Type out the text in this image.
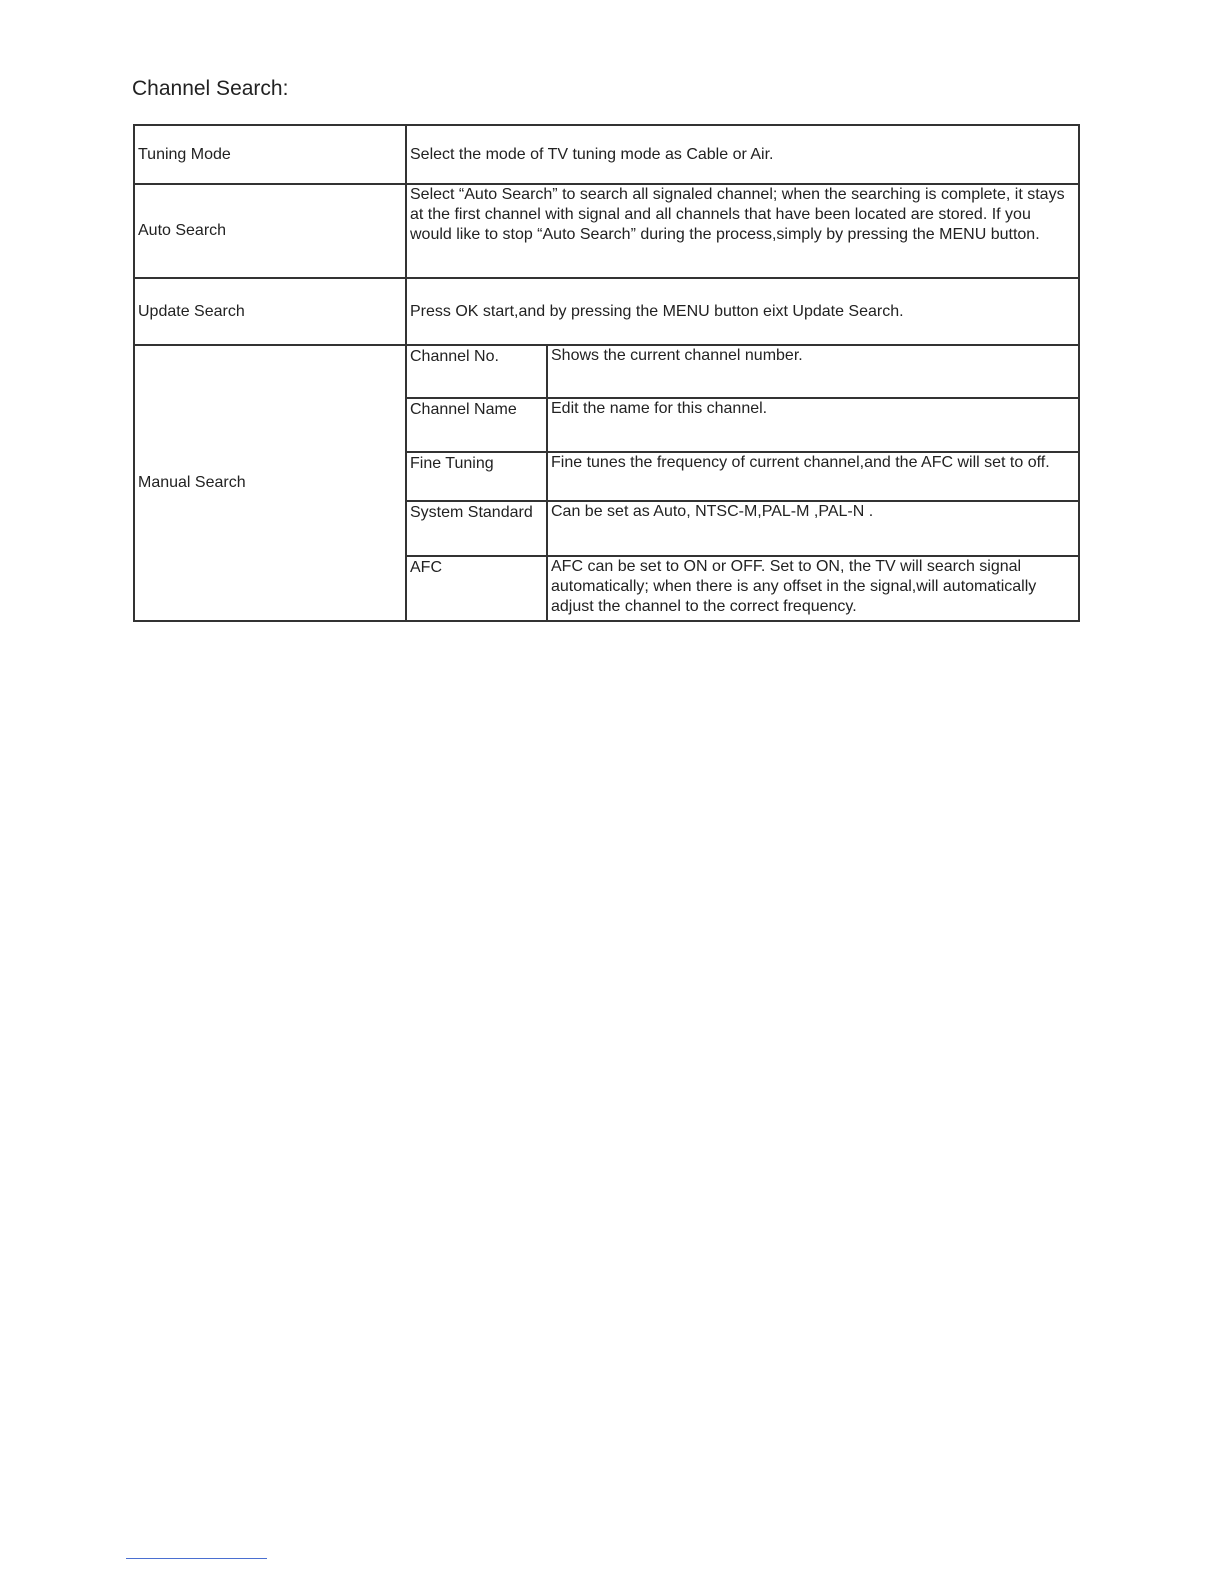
Channel Search:
Tuning Mode	Select the mode of TV tuning mode as Cable or Air.	
Auto Search	Select “Auto Search” to search all signaled channel; when the searching is complete, it stays at the first channel with signal and all channels that have been located are stored. If you would like to stop “Auto Search” during the process,simply by pressing the MENU button.	
Update Search	Press OK start,and by pressing the MENU button eixt Update Search.	
Manual Search	Channel No.	Shows the current channel number.
	Channel Name	Edit the name for this channel.
	Fine Tuning	Fine tunes the frequency of current channel,and the AFC will set to off.
	System Standard	Can be set as Auto, NTSC-M,PAL-M ,PAL-N .
	AFC	AFC can be set to ON or OFF. Set to ON, the TV will search signal automatically; when there is any offset in the signal,will automatically adjust the channel to the correct frequency.
